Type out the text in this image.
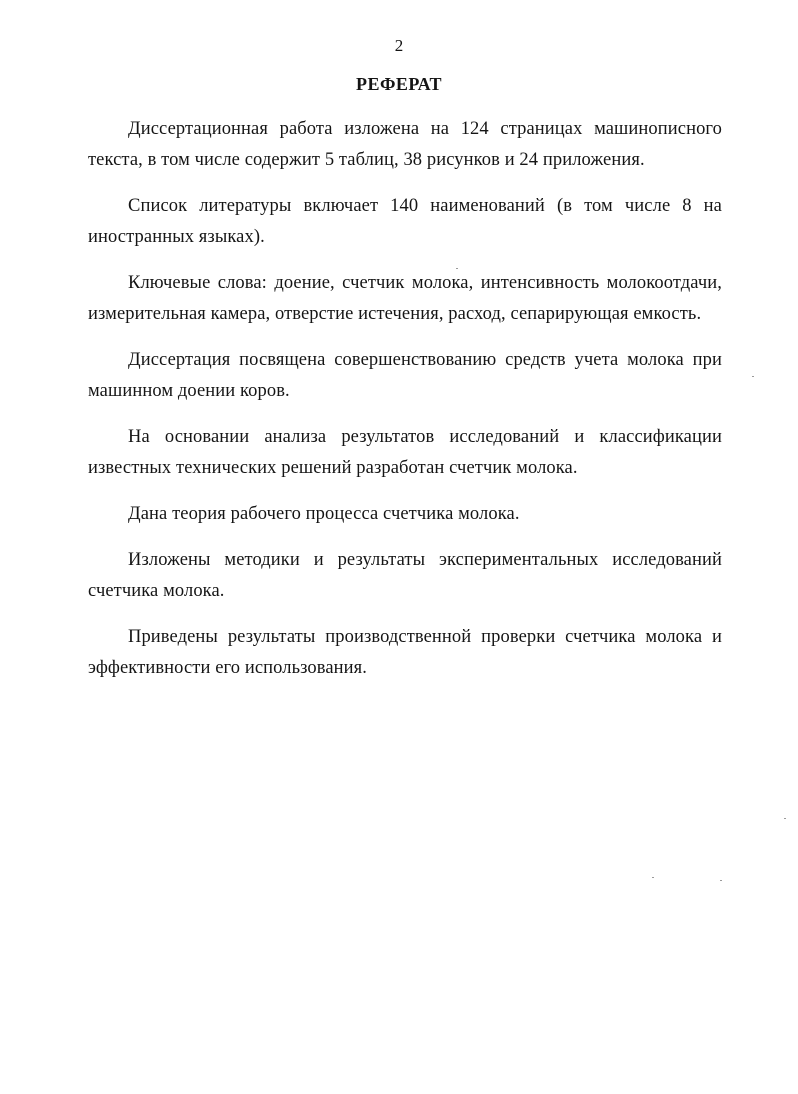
2
РЕФЕРАТ

Диссертационная работа изложена на 124 страницах машинописного текста, в том числе содержит 5 таблиц, 38 рисунков и 24 приложения.

Список литературы включает 140 наименований (в том числе 8 на иностранных языках).

Ключевые слова: доение, счетчик молока, интенсивность молокоотдачи, измерительная камера, отверстие истечения, расход, сепарирующая емкость.

Диссертация посвящена совершенствованию средств учета молока при машинном доении коров.

На основании анализа результатов исследований и классификации известных технических решений разработан счетчик молока.

Дана теория рабочего процесса счетчика молока.

Изложены методики и результаты экспериментальных исследований счетчика молока.

Приведены результаты производственной проверки счетчика молока и эффективности его использования.
